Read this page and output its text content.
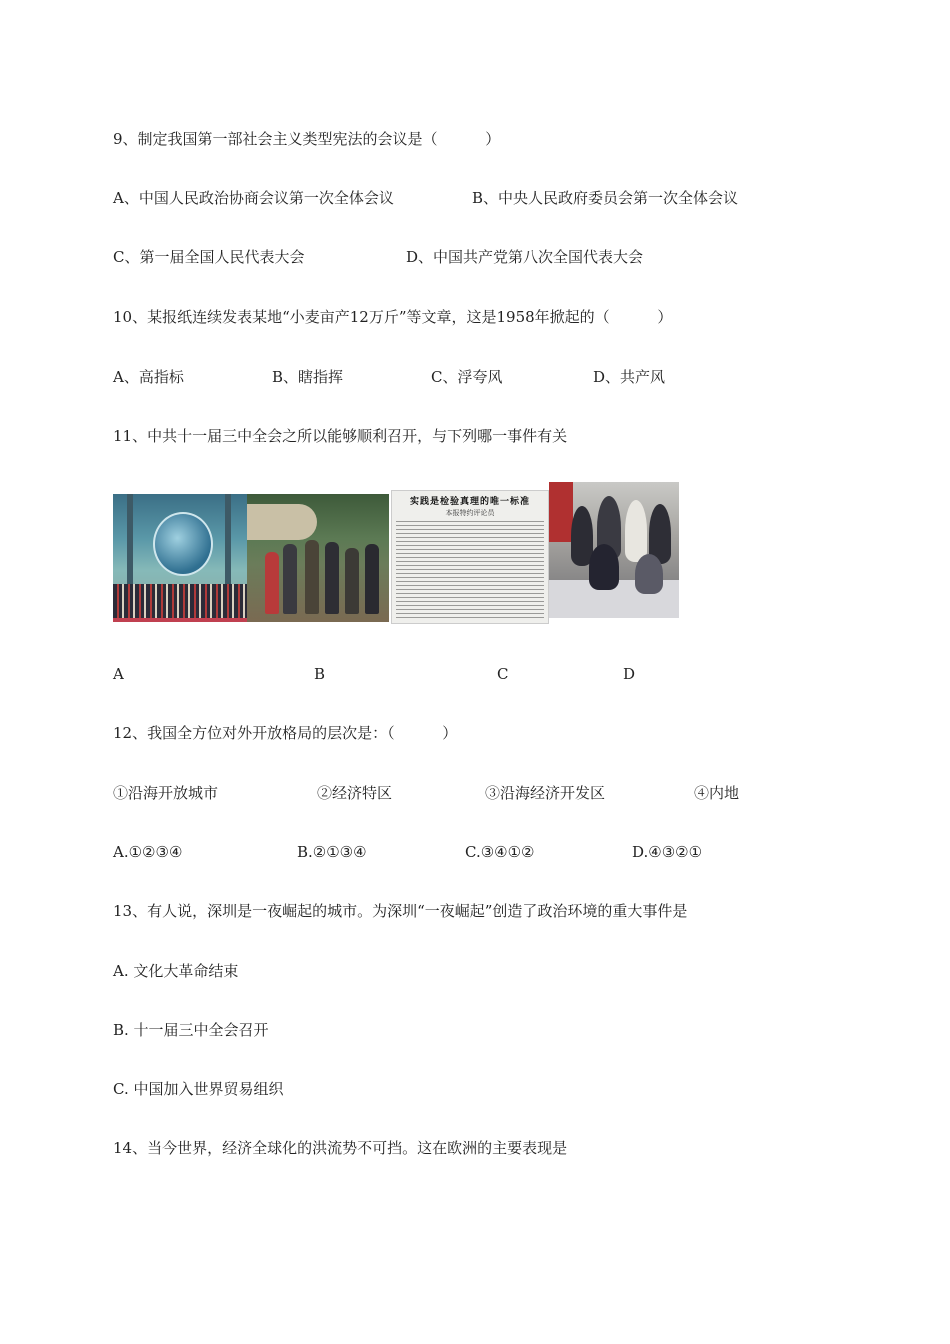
9、制定我国第一部社会主义类型宪法的会议是（          ）
A、中国人民政治协商会议第一次全体会议	B、中央人民政府委员会第一次全体会议
C、第一届全国人民代表大会	D、中国共产党第八次全国代表大会
10、某报纸连续发表某地“小麦亩产12万斤”等文章，这是1958年掀起的（          ）
A、高指标	B、瞎指挥	C、浮夸风	D、共产风
11、中共十一届三中全会之所以能够顺利召开，与下列哪一事件有关
实践是检验真理的唯一标准
本报特约评论员
A	B	C	D
12、我国全方位对外开放格局的层次是：（          ）
①沿海开放城市	②经济特区	③沿海经济开发区	④内地
A.①②③④	B.②①③④	C.③④①②	D.④③②①
13、有人说，深圳是一夜崛起的城市。为深圳“一夜崛起”创造了政治环境的重大事件是
A. 文化大革命结束
B. 十一届三中全会召开
C. 中国加入世界贸易组织
14、当今世界，经济全球化的洪流势不可挡。这在欧洲的主要表现是
